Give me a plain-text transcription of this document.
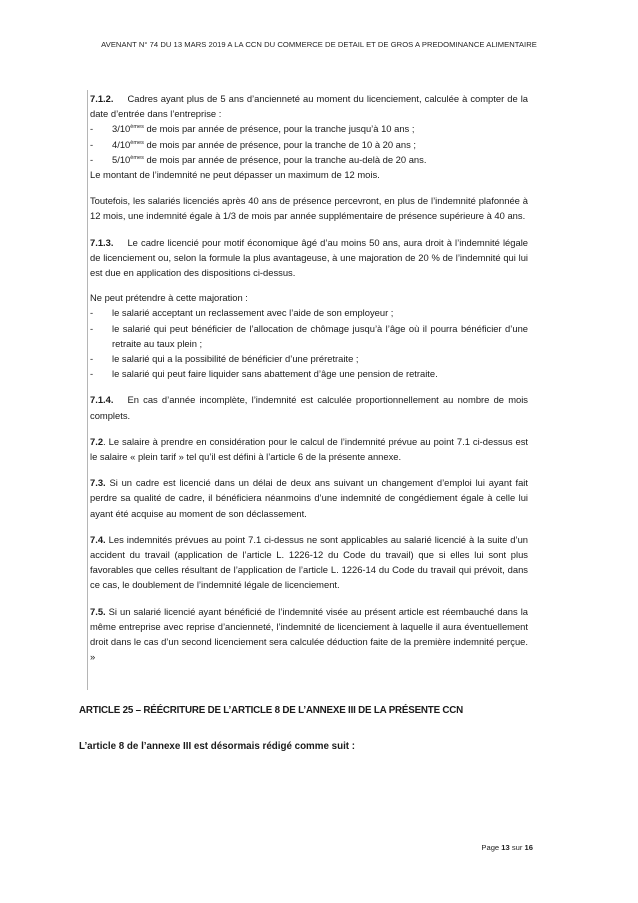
AVENANT N° 74 DU 13 MARS 2019 A LA CCN DU COMMERCE DE DETAIL ET DE GROS A PREDOMINANCE ALIMENTAIRE

7.1.2. Cadres ayant plus de 5 ans d’ancienneté au moment du licenciement, calculée à compter de la date d’entrée dans l’entreprise :

-	3/10èmes de mois par année de présence, pour la tranche jusqu’à 10 ans ;
-	4/10èmes de mois par année de présence, pour la tranche de 10 à 20 ans ;
-	5/10èmes de mois par année de présence, pour la tranche au-delà de 20 ans.

Le montant de l’indemnité ne peut dépasser un maximum de 12 mois.

Toutefois, les salariés licenciés après 40 ans de présence percevront, en plus de l’indemnité plafonnée à 12 mois, une indemnité égale à 1/3 de mois par année supplémentaire de présence supérieure à 40 ans.

7.1.3. Le cadre licencié pour motif économique âgé d’au moins 50 ans, aura droit à l’indemnité légale de licenciement ou, selon la formule la plus avantageuse, à une majoration de 20 % de l’indemnité qui lui est due en application des dispositions ci-dessus.

Ne peut prétendre à cette majoration :

-	le salarié acceptant un reclassement avec l’aide de son employeur ;
-	le salarié qui peut bénéficier de l’allocation de chômage jusqu’à l’âge où il pourra bénéficier d’une retraite au taux plein ;
-	le salarié qui a la possibilité de bénéficier d’une préretraite ;
-	le salarié qui peut faire liquider sans abattement d’âge une pension de retraite.

7.1.4. En cas d’année incomplète, l’indemnité est calculée proportionnellement au nombre de mois complets.

7.2. Le salaire à prendre en considération pour le calcul de l’indemnité prévue au point 7.1 ci-dessus est le salaire « plein tarif » tel qu’il est défini à l’article 6 de la présente annexe.

7.3. Si un cadre est licencié dans un délai de deux ans suivant un changement d’emploi lui ayant fait perdre sa qualité de cadre, il bénéficiera néanmoins d’une indemnité de congédiement égale à celle lui ayant été acquise au moment de son déclassement.

7.4. Les indemnités prévues au point 7.1 ci-dessus ne sont applicables au salarié licencié à la suite d’un accident du travail (application de l’article L. 1226-12 du Code du travail) que si elles lui sont plus favorables que celles résultant de l’application de l’article L. 1226-14 du Code du travail qui prévoit, dans ce cas, le doublement de l’indemnité légale de licenciement.

7.5. Si un salarié licencié ayant bénéficié de l’indemnité visée au présent article est réembauché dans la même entreprise avec reprise d’ancienneté, l’indemnité de licenciement à laquelle il aura éventuellement droit dans le cas d’un second licenciement sera calculée déduction faite de la première indemnité perçue. »

ARTICLE 25 – RÉÉCRITURE DE L’ARTICLE 8 DE L’ANNEXE III DE LA PRÉSENTE CCN
L’article 8 de l’annexe III est désormais rédigé comme suit :
Page 13 sur 16
